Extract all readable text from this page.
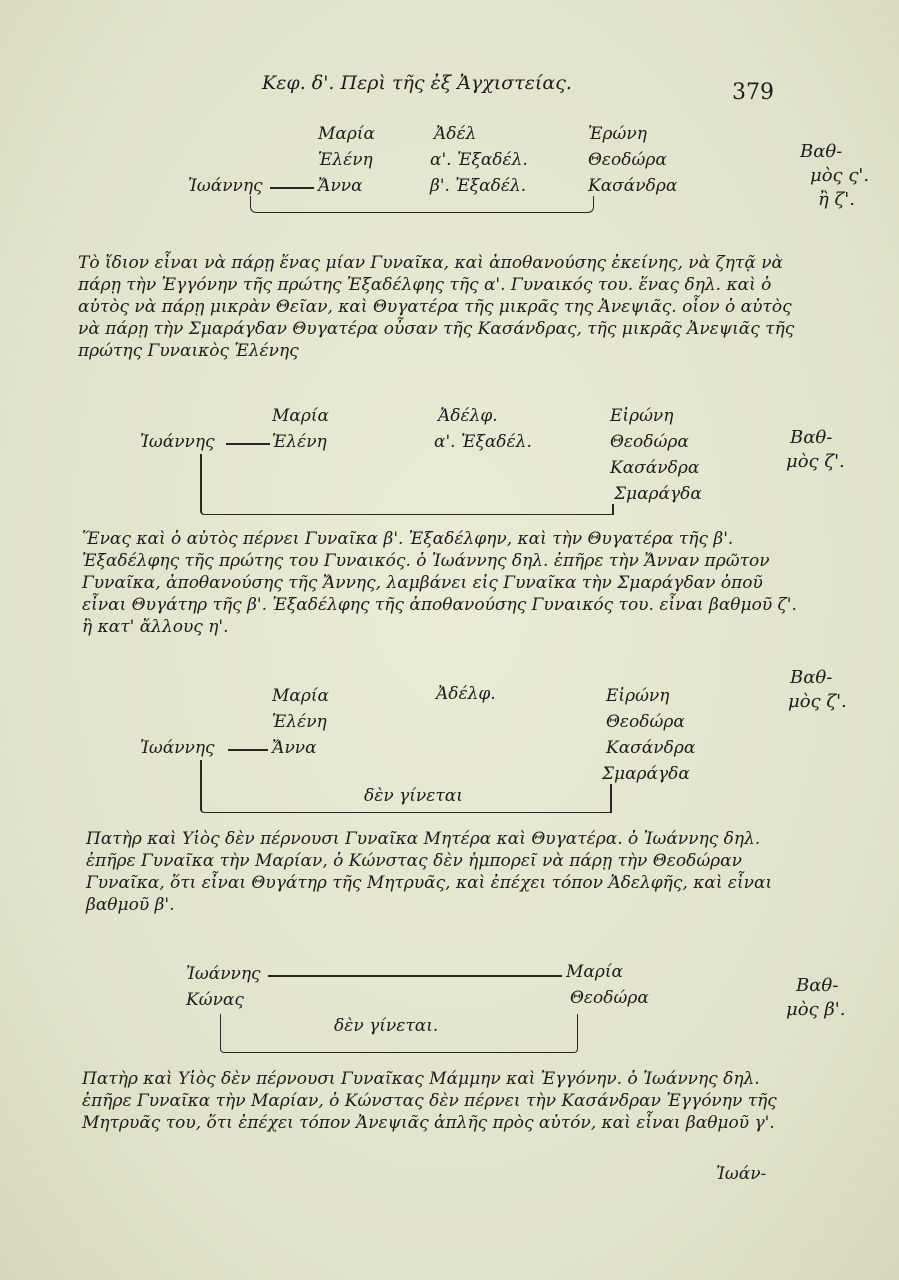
Κεφ. δ'. Περὶ τῆς ἐξ Ἀγχιστείας.	379
Μαρία
Ἑλένη
Ἄννα
Ἀδέλ
α'. Ἐξαδέλ.
β'. Ἐξαδέλ.
Ἐρώνη
Θεοδώρα
Κασάνδρα
Ἰωάννης
Βαθ-
μὸς ς'.
ἢ ζ'.

Τὸ ἴδιον εἶναι νὰ πάρῃ ἕνας μίαν Γυναῖκα, καὶ ἀποθανούσης ἐκείνης, νὰ ζητᾷ νὰ πάρῃ τὴν Ἐγγόνην τῆς πρώτης Ἐξαδέλφης τῆς α'. Γυναικός του. ἕνας δηλ. καὶ ὁ αὐτὸς νὰ πάρῃ μικρὰν Θεῖαν, καὶ Θυγατέρα τῆς μικρᾶς της Ἀνεψιᾶς. οἷον ὁ αὐτὸς νὰ πάρῃ τὴν Σμαράγδαν Θυγατέρα οὖσαν τῆς Κασάνδρας, τῆς μικρᾶς Ἀνεψιᾶς τῆς πρώτης Γυναικὸς Ἑλένης

Μαρία
Ἑλένη
Ἰωάννης
Ἀδέλφ.
α'. Ἐξαδέλ.
Εἰρώνη
Θεοδώρα
Κασάνδρα
Σμαράγδα
Βαθ-
μὸς ζ'.

Ἕνας καὶ ὁ αὐτὸς πέρνει Γυναῖκα β'. Ἐξαδέλφην, καὶ τὴν Θυγατέρα τῆς β'. Ἐξαδέλφης τῆς πρώτης του Γυναικός. ὁ Ἰωάννης δηλ. ἐπῆρε τὴν Ἄνναν πρῶτον Γυναῖκα, ἀποθανούσης τῆς Ἄννης, λαμβάνει εἰς Γυναῖκα τὴν Σμαράγδαν ὁποῦ εἶναι Θυγάτηρ τῆς β'. Ἐξαδέλφης τῆς ἀποθανούσης Γυναικός του. εἶναι βαθμοῦ ζ'. ἢ κατ' ἄλλους η'.

Βαθ-
μὸς ζ'.
Μαρία
Ἑλένη
Ἄννα
Ἰωάννης
Ἀδέλφ.	Εἰρώνη
Θεοδώρα
Κασάνδρα
Σμαράγδα
δὲν γίνεται

Πατὴρ καὶ Υἱὸς δὲν πέρνουσι Γυναῖκα Μητέρα καὶ Θυγατέρα. ὁ Ἰωάννης δηλ. ἐπῆρε Γυναῖκα τὴν Μαρίαν, ὁ Κώνστας δὲν ἠμπορεῖ νὰ πάρῃ τὴν Θεοδώραν Γυναῖκα, ὅτι εἶναι Θυγάτηρ τῆς Μητρυᾶς, καὶ ἐπέχει τόπον Ἀδελφῆς, καὶ εἶναι βαθμοῦ β'.

Ἰωάννης
Κώνας
Μαρία
Θεοδώρα
δὲν γίνεται.
Βαθ-
μὸς β'.

Πατὴρ καὶ Υἱὸς δὲν πέρνουσι Γυναῖκας Μάμμην καὶ Ἐγγόνην. ὁ Ἰωάννης δηλ. ἐπῆρε Γυναῖκα τὴν Μαρίαν, ὁ Κώνστας δὲν πέρνει τὴν Κασάνδραν Ἐγγόνην τῆς Μητρυᾶς του, ὅτι ἐπέχει τόπον Ἀνεψιᾶς ἁπλῆς πρὸς αὐτόν, καὶ εἶναι βαθμοῦ γ'.

Ἰωάν-
